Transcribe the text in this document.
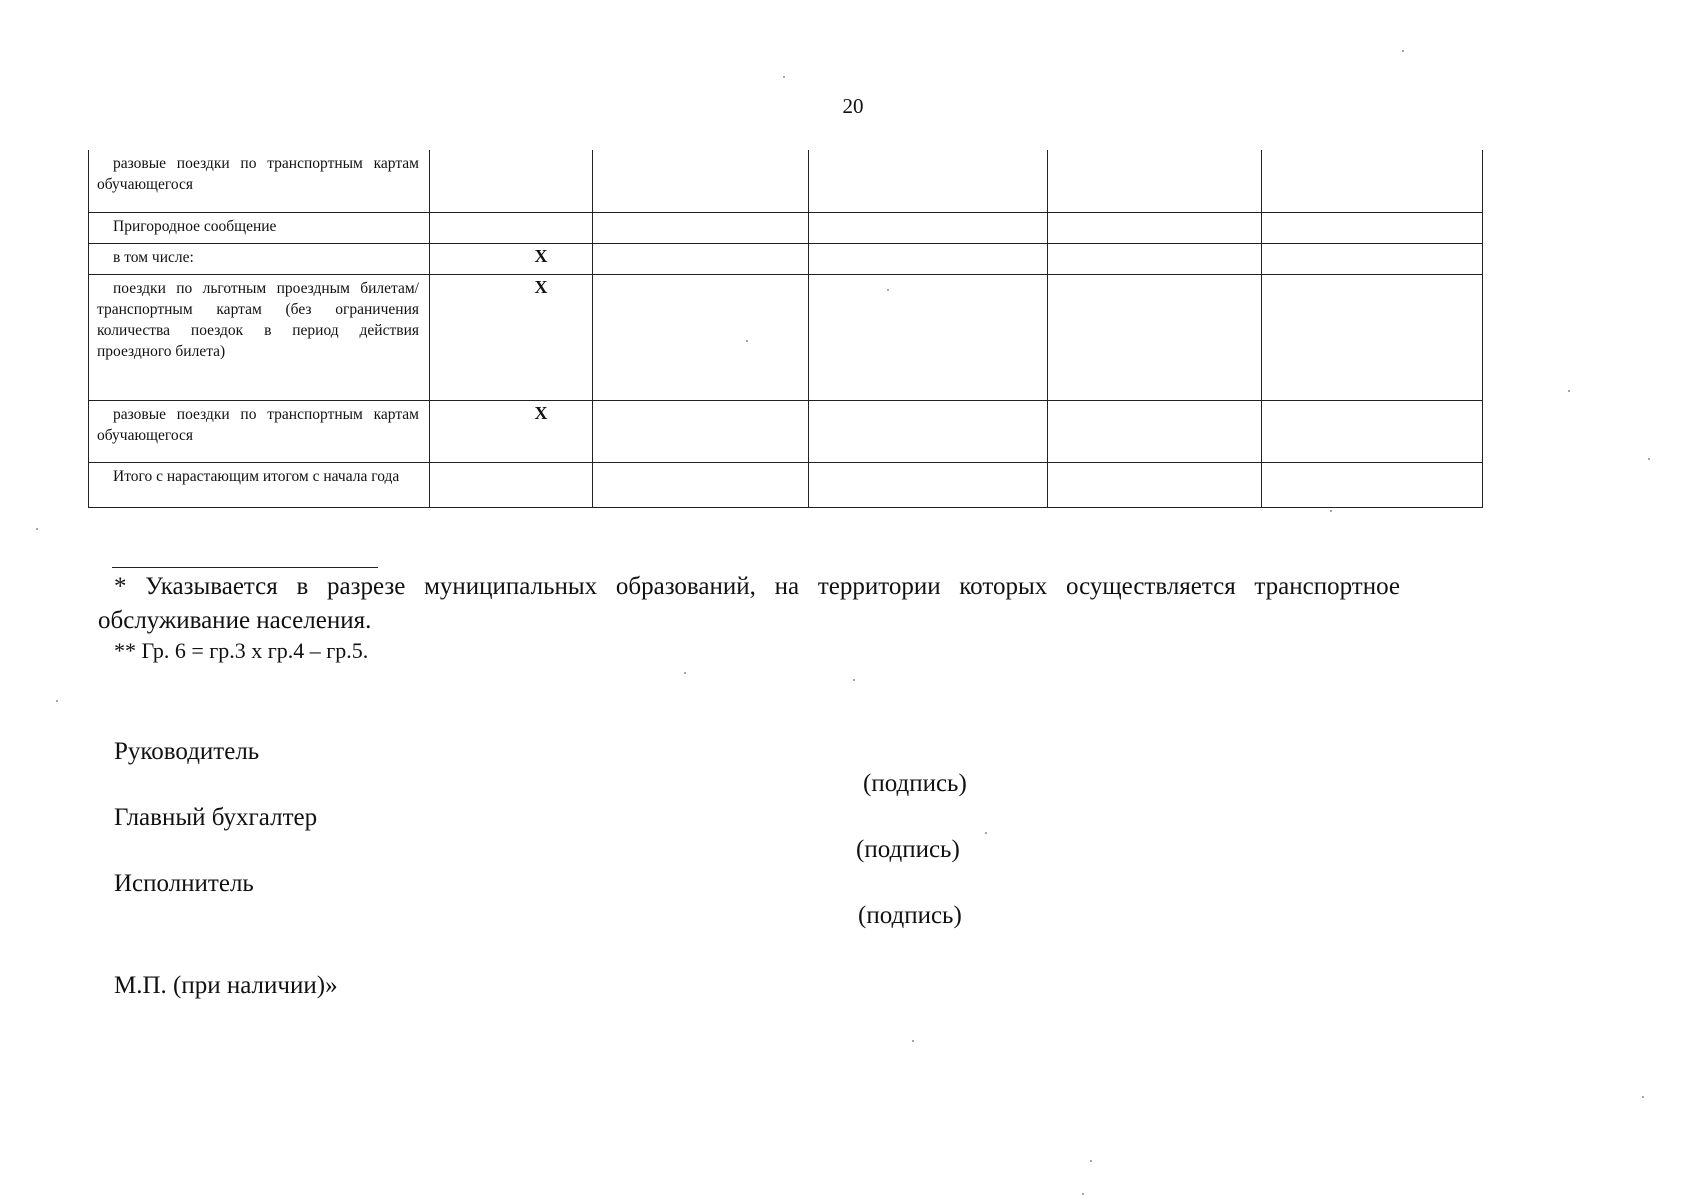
20
разовые поездки по транспортным картам обучающегося					

Пригородное сообщение					

в том числе:	X				

поездки по льготным проездным билетам/ транспортным картам (без ограничения количества поездок в период действия проездного билета)	X				

разовые поездки по транспортным картам обучающегося	X				

Итого с нарастающим итогом с начала года					

* Указывается в разрезе муниципальных образований, на территории которых осуществляется транспортное обслуживание населения.
** Гр. 6 = гр.3 х гр.4 – гр.5.
Руководитель
(подпись)
Главный бухгалтер
(подпись)
Исполнитель
(подпись)
М.П. (при наличии)»
